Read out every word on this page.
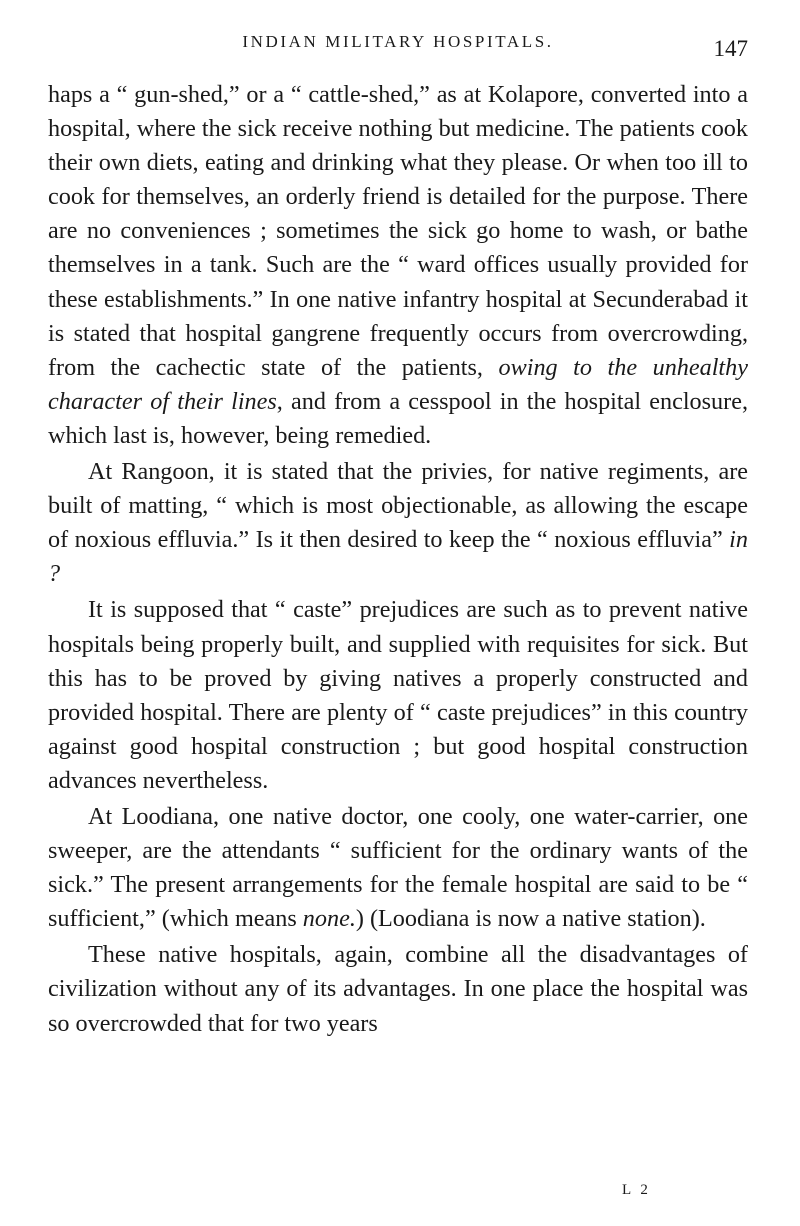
INDIAN MILITARY HOSPITALS.	147

haps a “ gun-shed,” or a “ cattle-shed,” as at Kolapore, converted into a hospital, where the sick receive nothing but medicine. The patients cook their own diets, eating and drinking what they please. Or when too ill to cook for themselves, an orderly friend is detailed for the purpose. There are no conveniences ; sometimes the sick go home to wash, or bathe themselves in a tank. Such are the “ ward offices usually provided for these establishments.” In one native infantry hospital at Secunderabad it is stated that hospital gangrene frequently occurs from overcrowding, from the cachectic state of the patients, owing to the unhealthy character of their lines, and from a cesspool in the hospital enclosure, which last is, however, being remedied.

At Rangoon, it is stated that the privies, for native regiments, are built of matting, “ which is most objectionable, as allowing the escape of noxious effluvia.” Is it then desired to keep the “ noxious effluvia” in ?

It is supposed that “ caste” prejudices are such as to prevent native hospitals being properly built, and supplied with requisites for sick. But this has to be proved by giving natives a properly constructed and provided hospital. There are plenty of “ caste prejudices” in this country against good hospital construction ; but good hospital construction advances nevertheless.

At Loodiana, one native doctor, one cooly, one water-carrier, one sweeper, are the attendants “ sufficient for the ordinary wants of the sick.” The present arrangements for the female hospital are said to be “ sufficient,” (which means none.) (Loodiana is now a native station).

These native hospitals, again, combine all the disadvantages of civilization without any of its advantages. In one place the hospital was so overcrowded that for two years

L 2
